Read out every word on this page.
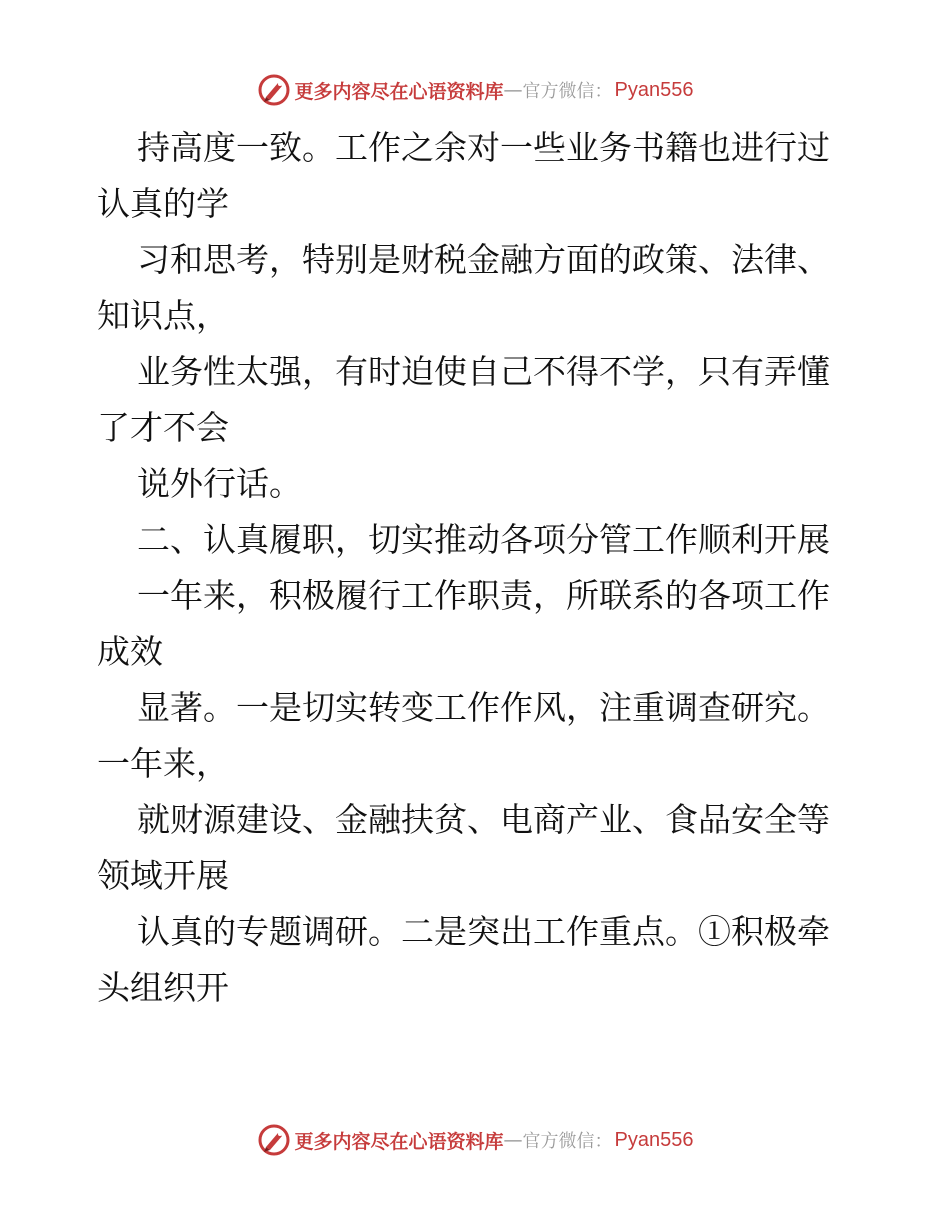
更多内容尽在心语资料库 — 官方微信： Pyan556
持高度一致。工作之余对一些业务书籍也进行过
认真的学
习和思考，特别是财税金融方面的政策、法律、
知识点，
业务性太强，有时迫使自己不得不学，只有弄懂
了才不会
说外行话。
二、认真履职，切实推动各项分管工作顺利开展
一年来，积极履行工作职责，所联系的各项工作
成效
显著。一是切实转变工作作风，注重调查研究。
一年来，
就财源建设、金融扶贫、电商产业、食品安全等
领域开展
认真的专题调研。二是突出工作重点。①积极牵
头组织开
更多内容尽在心语资料库 — 官方微信： Pyan556
